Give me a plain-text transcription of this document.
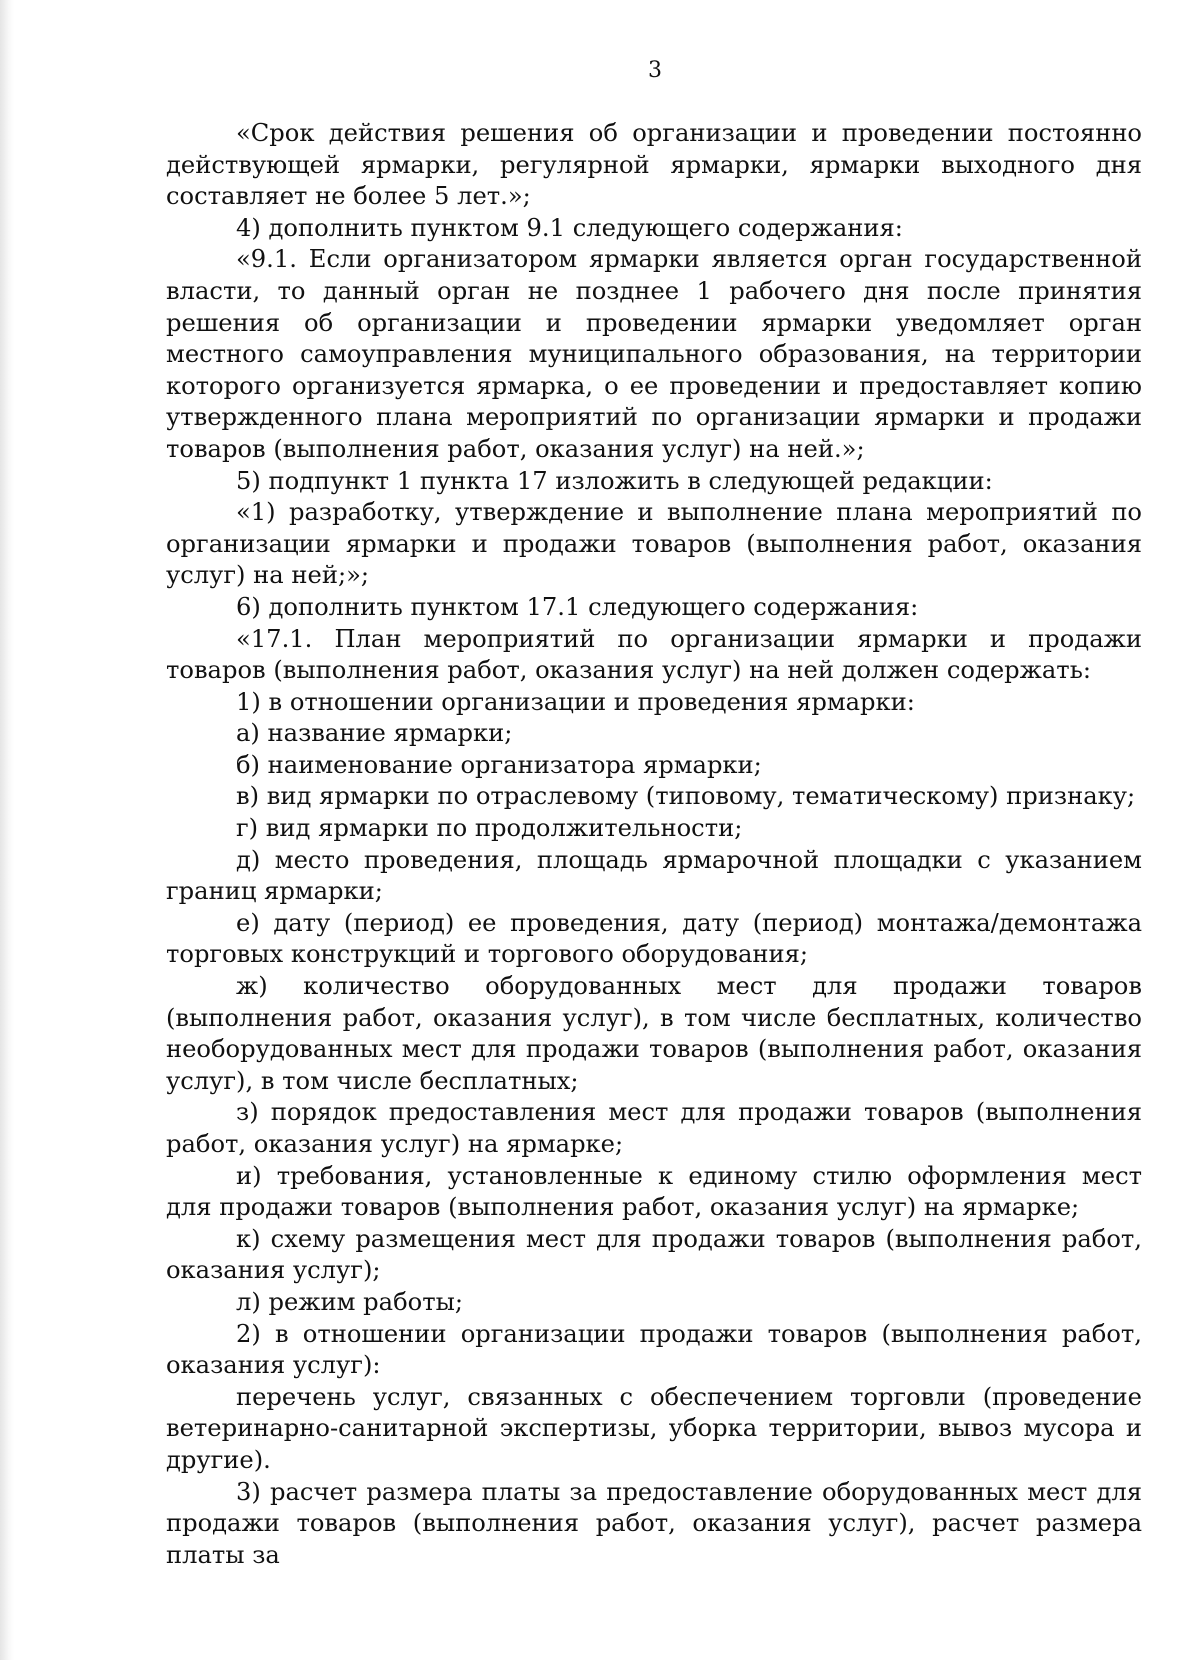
3

«Срок действия решения об организации и проведении постоянно действующей ярмарки, регулярной ярмарки, ярмарки выходного дня составляет не более 5 лет.»;

4) дополнить пунктом 9.1 следующего содержания:

«9.1. Если организатором ярмарки является орган государственной власти, то данный орган не позднее 1 рабочего дня после принятия решения об организации и проведении ярмарки уведомляет орган местного самоуправления муниципального образования, на территории которого организуется ярмарка, о ее проведении и предоставляет копию утвержденного плана мероприятий по организации ярмарки и продажи товаров (выполнения работ, оказания услуг) на ней.»;

5) подпункт 1 пункта 17 изложить в следующей редакции:

«1) разработку, утверждение и выполнение плана мероприятий по организации ярмарки и продажи товаров (выполнения работ, оказания услуг) на ней;»;

6) дополнить пунктом 17.1 следующего содержания:

«17.1. План мероприятий по организации ярмарки и продажи товаров (выполнения работ, оказания услуг) на ней должен содержать:

1) в отношении организации и проведения ярмарки:

а) название ярмарки;

б) наименование организатора ярмарки;

в) вид ярмарки по отраслевому (типовому, тематическому) признаку;

г) вид ярмарки по продолжительности;

д) место проведения, площадь ярмарочной площадки с указанием границ ярмарки;

е) дату (период) ее проведения, дату (период) монтажа/демонтажа торговых конструкций и торгового оборудования;

ж) количество оборудованных мест для продажи товаров (выполнения работ, оказания услуг), в том числе бесплатных, количество необорудованных мест для продажи товаров (выполнения работ, оказания услуг), в том числе бесплатных;

з) порядок предоставления мест для продажи товаров (выполнения работ, оказания услуг) на ярмарке;

и) требования, установленные к единому стилю оформления мест для продажи товаров (выполнения работ, оказания услуг) на ярмарке;

к) схему размещения мест для продажи товаров (выполнения работ, оказания услуг);

л) режим работы;

2) в отношении организации продажи товаров (выполнения работ, оказания услуг):

перечень услуг, связанных с обеспечением торговли (проведение ветеринарно-санитарной экспертизы, уборка территории, вывоз мусора и другие).

3) расчет размера платы за предоставление оборудованных мест для продажи товаров (выполнения работ, оказания услуг), расчет размера платы за
